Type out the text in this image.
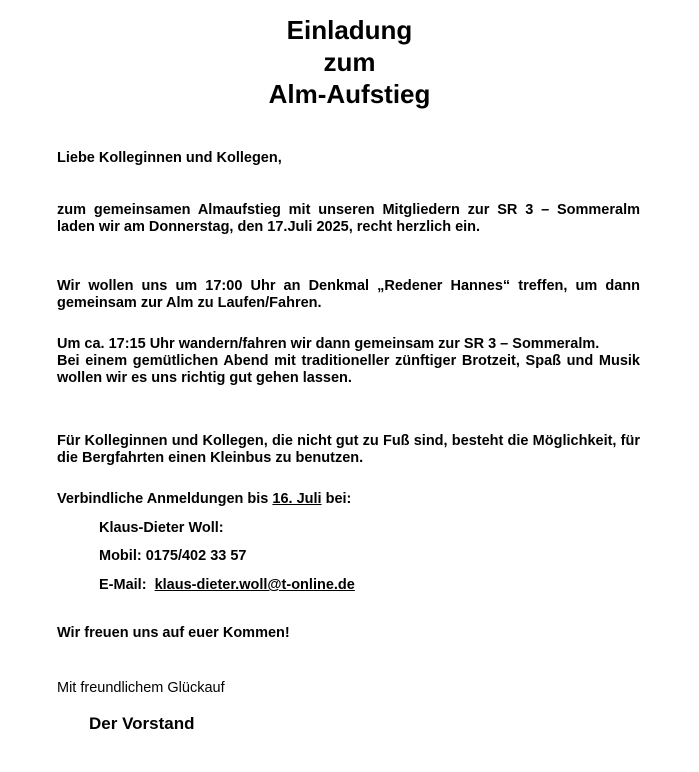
Einladung
zum
Alm-Aufstieg
Liebe Kolleginnen und Kollegen,

zum gemeinsamen Almaufstieg mit unseren Mitgliedern zur SR 3 – Sommeralm laden wir am Donnerstag, den 17.Juli 2025, recht herzlich ein.

Wir wollen uns um 17:00 Uhr an Denkmal „Redener Hannes“ treffen, um dann gemeinsam zur Alm zu Laufen/Fahren.

Um ca. 17:15 Uhr wandern/fahren wir dann gemeinsam zur SR 3 – Sommeralm.

Bei einem gemütlichen Abend mit traditioneller zünftiger Brotzeit, Spaß und Musik wollen wir es uns richtig gut gehen lassen.

Für Kolleginnen und Kollegen, die nicht gut zu Fuß sind, besteht die Möglichkeit, für die Bergfahrten einen Kleinbus zu benutzen.

Verbindliche Anmeldungen bis 16. Juli bei:
Klaus-Dieter Woll:
Mobil: 0175/402 33 57
E-Mail:  klaus-dieter.woll@t-online.de
Wir freuen uns auf euer Kommen!
Mit freundlichem Glückauf
Der Vorstand
